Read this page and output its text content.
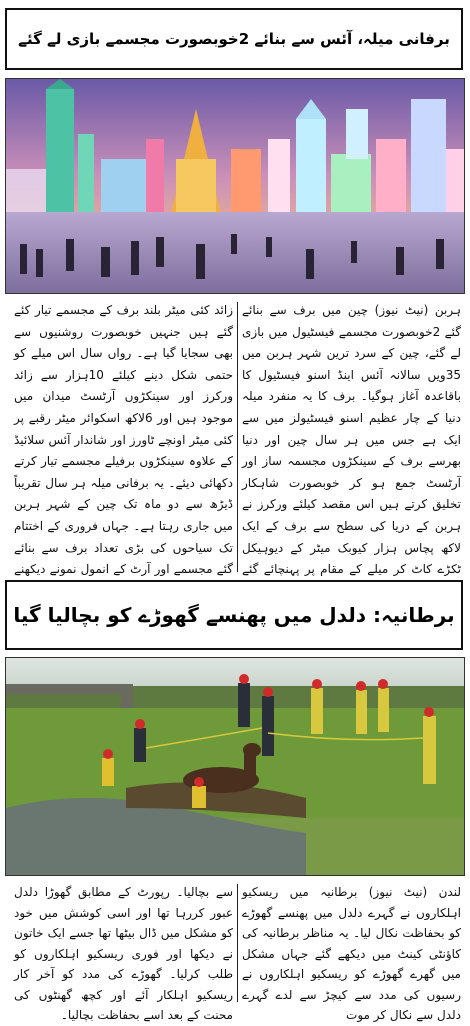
برفانی میلہ، آئس سے بنائے 2خوبصورت مجسمے بازی لے گئے
ہربن (نیٹ نیوز) چین میں برف سے بنائے گئے 2خوبصورت مجسمے فیسٹیول میں بازی لے گئے، چین کے سرد ترین شہر ہربن میں 35ویں سالانہ آئس اینڈ اسنو فیسٹیول کا باقاعدہ آغاز ہوگیا۔ برف کا یہ منفرد میلہ دنیا کے چار عظیم اسنو فیسٹیولز میں سے ایک ہے جس میں ہر سال چین اور دنیا بھرسے برف کے سینکڑوں مجسمہ ساز اور آرٹسٹ جمع ہو کر خوبصورت شاہکار تخلیق کرتے ہیں اس مقصد کیلئے ورکرز نے ہربن کے دریا کی سطح سے برف کے ایک لاکھ پچاس ہزار کیوبک میٹر کے دیوہیکل ٹکڑے کاٹ کر میلے کے مقام پر پہنچائے گئے
زائد کئی میٹر بلند برف کے مجسمے تیار کئے گئے ہیں جنہیں خوبصورت روشنیوں سے بھی سجایا گیا ہے۔ رواں سال اس میلے کو حتمی شکل دینے کیلئے 10ہزار سے زائد ورکرز اور سینکڑوں آرٹسٹ میدان میں موجود ہیں اور 6لاکھ اسکوائر میٹر رقبے پر کئی میٹر اونچے ٹاورز اور شاندار آئس سلائیڈ کے علاوہ سینکڑوں برفیلے مجسمے تیار کرتے دکھائی دیئے۔ یہ برفانی میلہ ہر سال تقریباً ڈیڑھ سے دو ماہ تک چین کے شہر ہربن میں جاری رہتا ہے۔ جہاں فروری کے اختتام تک سیاحوں کی بڑی تعداد برف سے بنائے گئے مجسمے اور آرٹ کے انمول نمونے دیکھنے
برطانیہ: دلدل میں پھنسے گھوڑے کو بچالیا گیا
لندن (نیٹ نیوز) برطانیہ میں ریسکیو اہلکاروں نے گہرے دلدل میں پھنسے گھوڑے کو بحفاظت نکال لیا۔ یہ مناظر برطانیہ کی کاؤنٹی کینٹ میں دیکھے گئے جہاں مشکل میں گھرے گھوڑے کو ریسکیو اہلکاروں نے رسیوں کی مدد سے کیچڑ سے لدے گہرے دلدل سے نکال کر موت
سے بچالیا۔ رپورٹ کے مطابق گھوڑا دلدل عبور کررہا تھا اور اسی کوشش میں خود کو مشکل میں ڈال بیٹھا تھا جسے ایک خاتون نے دیکھا اور فوری ریسکیو اہلکاروں کو طلب کرلیا۔ گھوڑے کی مدد کو آخر کار ریسکیو اہلکار آئے اور کچھ گھنٹوں کی محنت کے بعد اسے بحفاظت بچالیا۔
